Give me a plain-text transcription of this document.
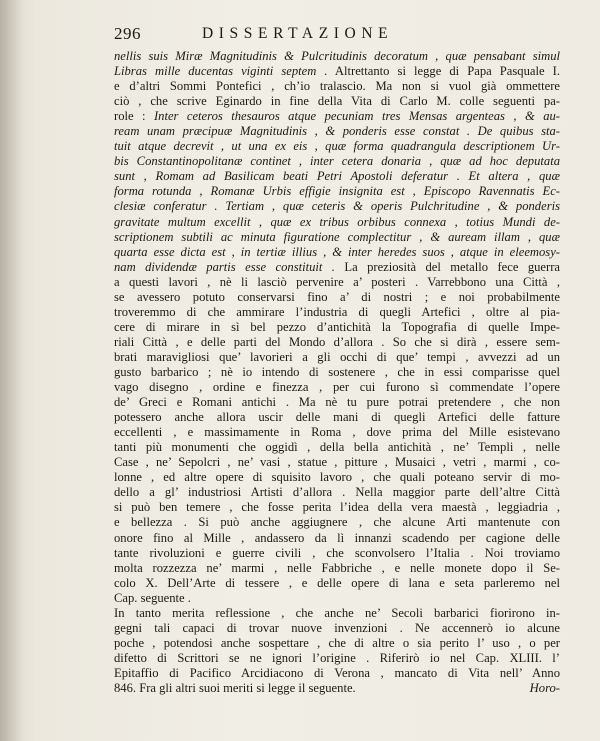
296	DISSERTAZIONE
nellis suis Miræ Magnitudinis & Pulcritudinis decoratum , quæ pensabant simul
Libras mille ducentas viginti septem . Altrettanto si legge di Papa Pasquale I.
e d’altri Sommi Pontefici , ch’io tralascio. Ma non si vuol già ommettere
ciò , che scrive Eginardo in fine della Vita di Carlo M. colle seguenti pa-
role : Inter ceteros thesauros atque pecuniam tres Mensas argenteas , & au-
ream unam præcipuæ Magnitudinis , & ponderis esse constat . De quibus sta-
tuit atque decrevit , ut una ex eis , quæ forma quadrangula descriptionem Ur-
bis Constantinopolitanæ continet , inter cetera donaria , quæ ad hoc deputata
sunt , Romam ad Basilicam beati Petri Apostoli deferatur . Et altera , quæ
forma rotunda , Romanæ Urbis effigie insignita est , Episcopo Ravennatis Ec-
clesiæ conferatur . Tertiam , quæ ceteris & operis Pulchritudine , & ponderis
gravitate multum excellit , quæ ex tribus orbibus connexa , totius Mundi de-
scriptionem subtili ac minuta figuratione complectitur , & auream illam , quæ
quarta esse dicta est , in tertiæ illius , & inter heredes suos , atque in eleemosy-
nam dividendæ partis esse constituit . La preziosità del metallo fece guerra
a questi lavori , nè li lasciò pervenire a’ posteri . Varrebbono una Città ,
se avessero potuto conservarsi fino a’ di nostri ; e noi probabilmente
troveremmo di che ammirare l’industria di quegli Artefici , oltre al pia-
cere di mirare in sì bel pezzo d’antichità la Topografia di quelle Impe-
riali Città , e delle parti del Mondo d’allora . So che si dirà , essere sem-
brati maravigliosi que’ lavorieri a gli occhi di que’ tempi , avvezzi ad un
gusto barbarico ; nè io intendo di sostenere , che in essi comparisse quel
vago disegno , ordine e finezza , per cui furono sì commendate l’opere
de’ Greci e Romani antichi . Ma nè tu pure potrai pretendere , che non
potessero anche allora uscir delle mani di quegli Artefici delle fatture
eccellenti , e massimamente in Roma , dove prima del Mille esistevano
tanti più monumenti che oggidì , della bella antichità , ne’ Templi , nelle
Case , ne’ Sepolcri , ne’ vasi , statue , pitture , Musaici , vetri , marmi , co-
lonne , ed altre opere di squisito lavoro , che quali poteano servir di mo-
dello a gl’ industriosi Artisti d’allora . Nella maggior parte dell’altre Città
si può ben temere , che fosse perita l’idea della vera maestà , leggiadria ,
e bellezza . Si può anche aggiugnere , che alcune Arti mantenute con
onore fino al Mille , andassero da lì innanzi scadendo per cagione delle
tante rivoluzioni e guerre civili , che sconvolsero l’Italia . Noi troviamo
molta rozzezza ne’ marmi , nelle Fabbriche , e nelle monete dopo il Se-
colo X. Dell’Arte di tessere , e delle opere di lana e seta parleremo nel
Cap. seguente .
In tanto merita reflessione , che anche ne’ Secoli barbarici fiorirono in-
gegni tali capaci di trovar nuove invenzioni . Ne accennerò io alcune
poche , potendosi anche sospettare , che di altre o sia perito l’ uso , o per
difetto di Scrittori se ne ignori l’origine . Riferirò io nel Cap. XLIII. l’
Epitaffio di Pacifico Arcidiacono di Verona , mancato di Vita nell’ Anno
846. Fra gli altri suoi meriti si legge il seguente.	Horo-
